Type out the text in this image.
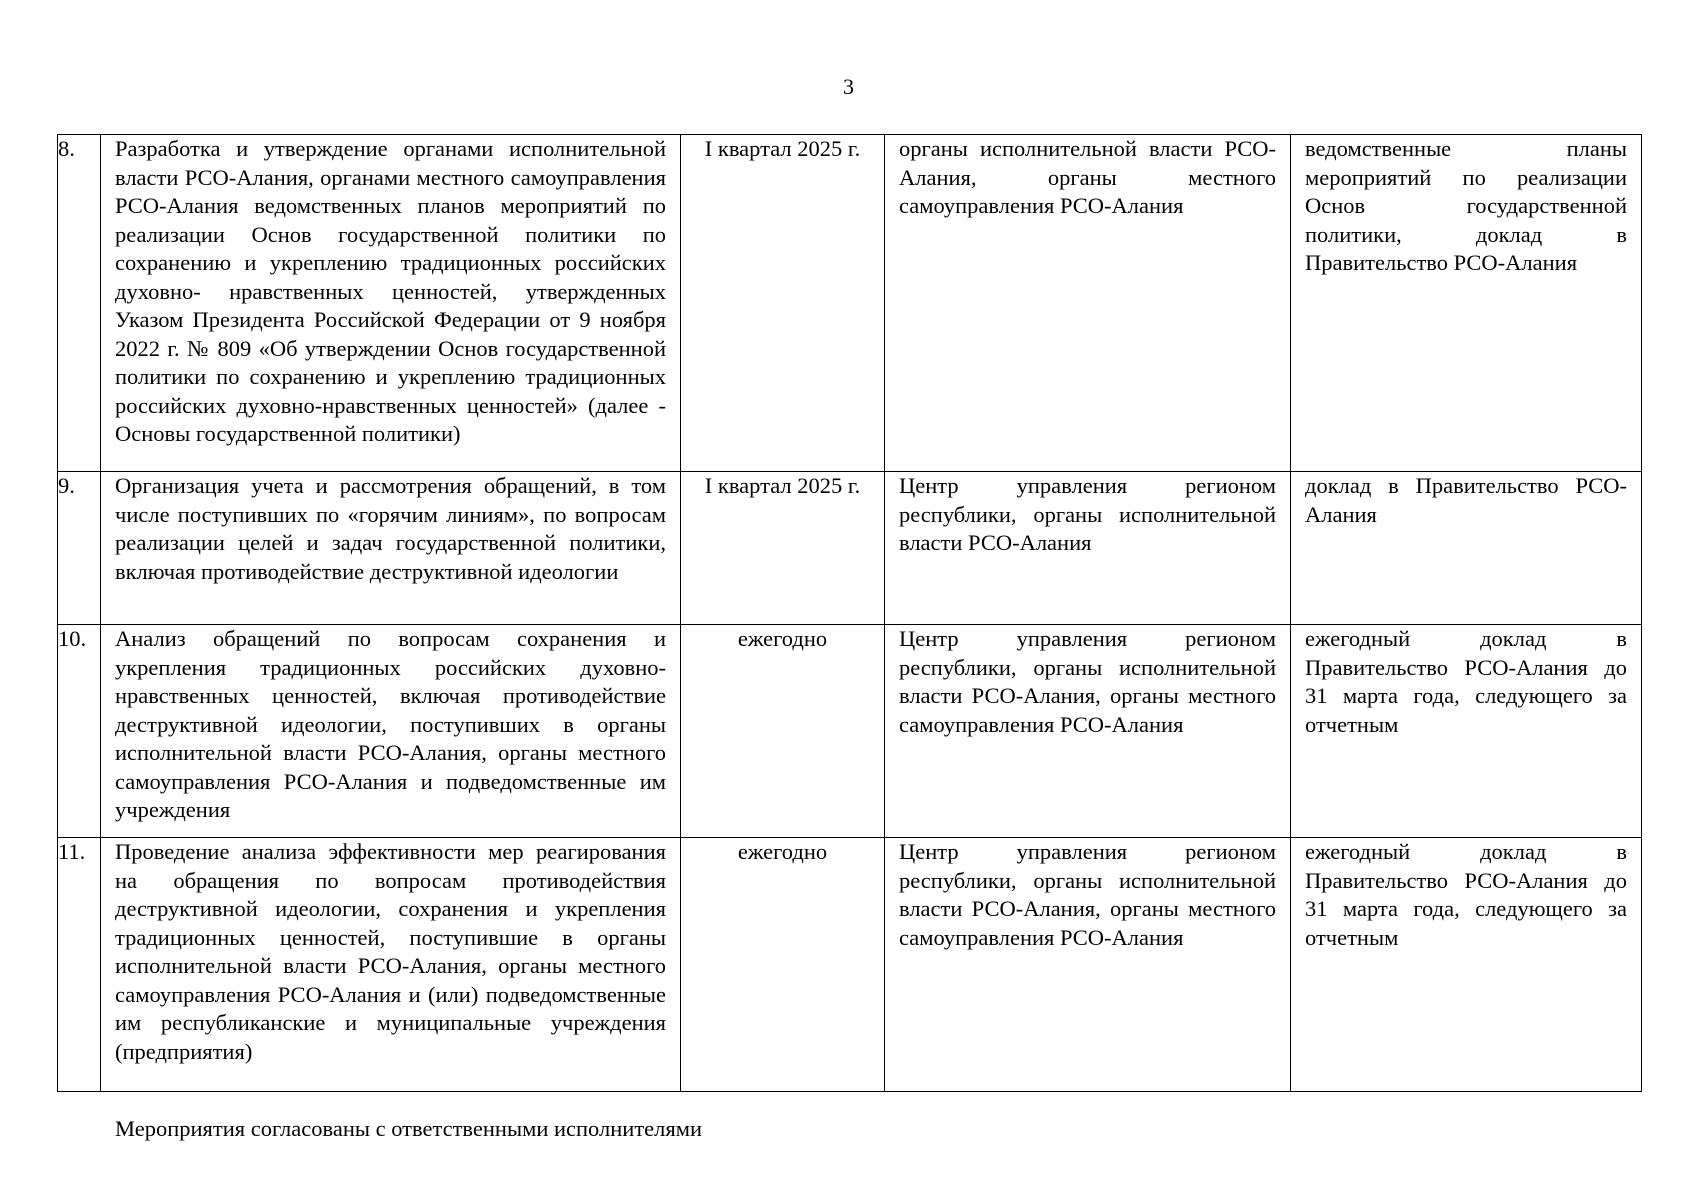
3
8.	Разработка и утверждение органами исполнительной власти РСО-Алания, органами местного самоуправления РСО-Алания ведомственных планов мероприятий по реализации Основ государственной политики по сохранению и укреплению традиционных российских духовно- нравственных ценностей, утвержденных Указом Президента Российской Федерации от 9 ноября 2022 г. № 809 «Об утверждении Основ государственной политики по сохранению и укреплению традиционных российских духовно-нравственных ценностей» (далее - Основы государственной политики)	I квартал 2025 г.	органы исполнительной власти РСО-Алания, органы местного самоуправления РСО-Алания	ведомственные планы мероприятий по реализации Основ государственной политики, доклад в Правительство РСО-Алания
9.	Организация учета и рассмотрения обращений, в том числе поступивших по «горячим линиям», по вопросам реализации целей и задач государственной политики, включая противодействие деструктивной идеологии	I квартал 2025 г.	Центр управления регионом республики, органы исполнительной власти РСО-Алания	доклад в Правительство РСО-Алания
10.	Анализ обращений по вопросам сохранения и укрепления традиционных российских духовно-нравственных ценностей, включая противодействие деструктивной идеологии, поступивших в органы исполнительной власти РСО-Алания, органы местного самоуправления РСО-Алания и подведомственные им учреждения	ежегодно	Центр управления регионом республики, органы исполнительной власти РСО-Алания, органы местного самоуправления РСО-Алания	ежегодный доклад в Правительство РСО-Алания до 31 марта года, следующего за отчетным
11.	Проведение анализа эффективности мер реагирования на обращения по вопросам противодействия деструктивной идеологии, сохранения и укрепления традиционных ценностей, поступившие в органы исполнительной власти РСО-Алания, органы местного самоуправления РСО-Алания и (или) подведомственные им республиканские и муниципальные учреждения (предприятия)	ежегодно	Центр управления регионом республики, органы исполнительной власти РСО-Алания, органы местного самоуправления РСО-Алания	ежегодный доклад в Правительство РСО-Алания до 31 марта года, следующего за отчетным
Мероприятия согласованы с ответственными исполнителями
